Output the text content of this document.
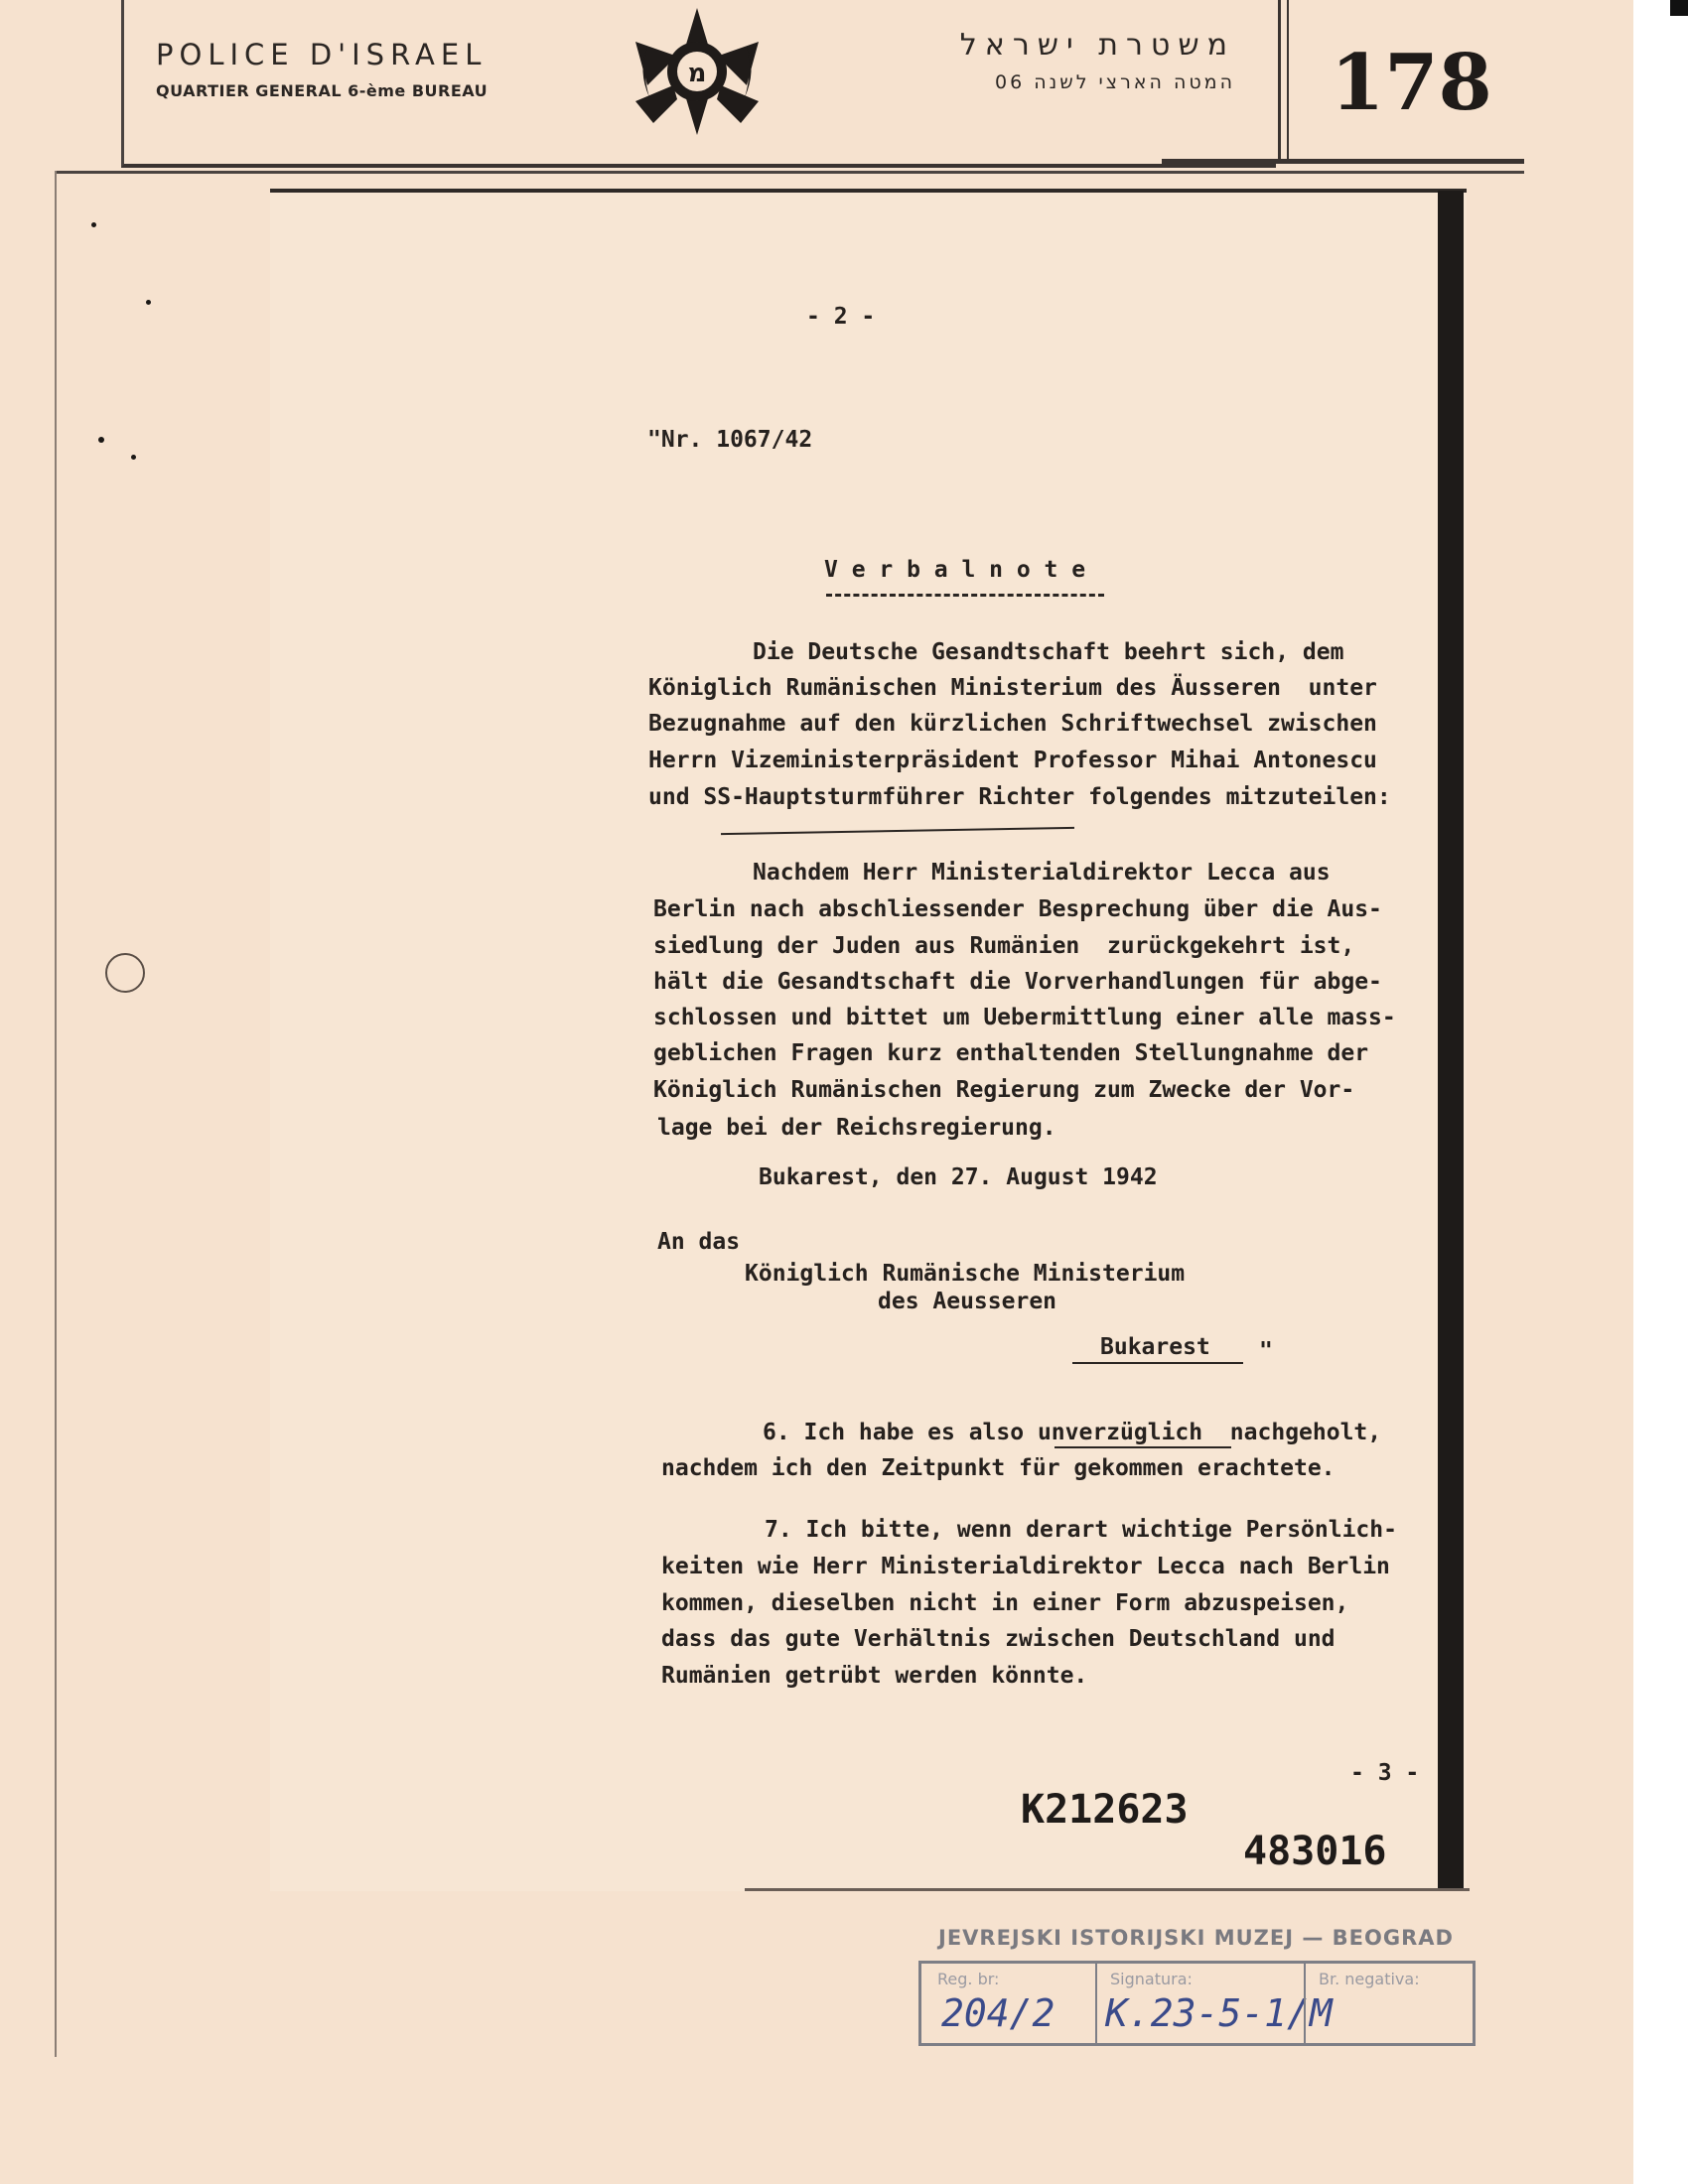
POLICE D'ISRAEL
QUARTIER GENERAL 6-ème BUREAU
מ
משטרת ישראל
המטה הארצי לשנה 06 178
- 2 -
"Nr. 1067/42
V e r b a l n o t e
Die Deutsche Gesandtschaft beehrt sich, dem
Königlich Rumänischen Ministerium des Äusseren  unter
Bezugnahme auf den kürzlichen Schriftwechsel zwischen
Herrn Vizeministerpräsident Professor Mihai Antonescu
und SS-Hauptsturmführer Richter folgendes mitzuteilen:
Nachdem Herr Ministerialdirektor Lecca aus
Berlin nach abschliessender Besprechung über die Aus-
siedlung der Juden aus Rumänien  zurückgekehrt ist,
hält die Gesandtschaft die Vorverhandlungen für abge-
schlossen und bittet um Uebermittlung einer alle mass-
geblichen Fragen kurz enthaltenden Stellungnahme der
Königlich Rumänischen Regierung zum Zwecke der Vor-
lage bei der Reichsregierung.
Bukarest, den 27. August 1942
An das
Königlich Rumänische Ministerium
des Aeusseren
Bukarest "
6. Ich habe es also unverzüglich  nachgeholt,
nachdem ich den Zeitpunkt für gekommen erachtete.
7. Ich bitte, wenn derart wichtige Persönlich-
keiten wie Herr Ministerialdirektor Lecca nach Berlin
kommen, dieselben nicht in einer Form abzuspeisen,
dass das gute Verhältnis zwischen Deutschland und
Rumänien getrübt werden könnte.
- 3 -
K212623
483016
JEVREJSKI ISTORIJSKI MUZEJ — BEOGRAD
Reg. br:
204/2
Signatura:
K.23-5-1/M
Br. negativa:
